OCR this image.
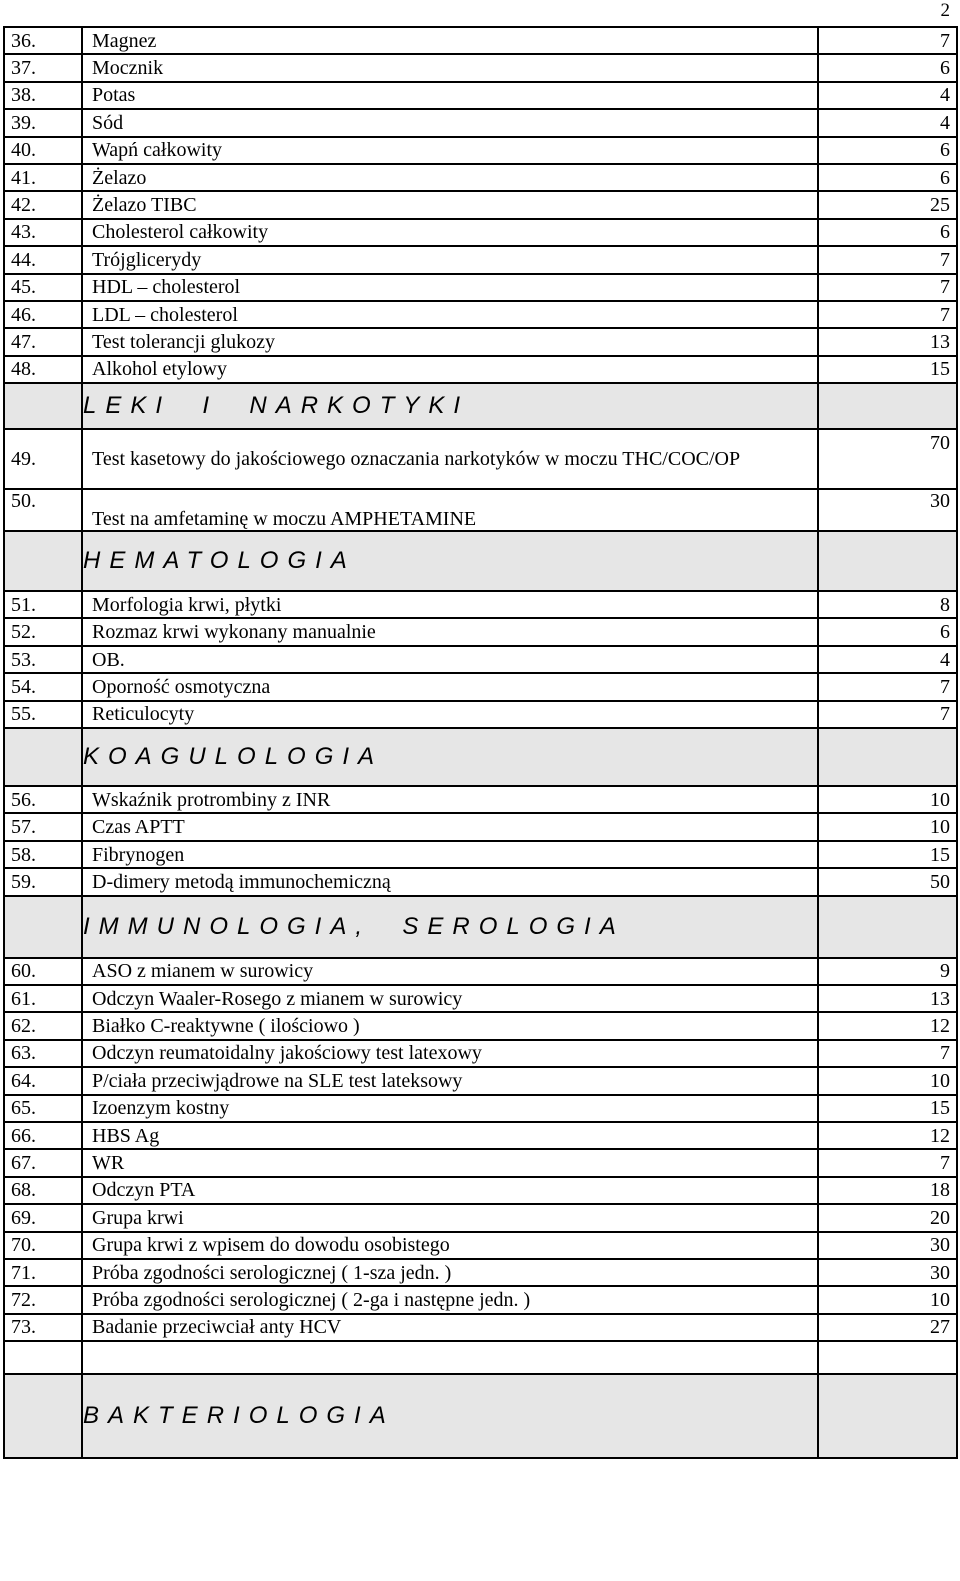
2
36.	Magnez	7
37.	Mocznik	6
38.	Potas	4
39.	Sód	4
40.	Wapń całkowity	6
41.	Żelazo	6
42.	Żelazo TIBC	25
43.	Cholesterol całkowity	6
44.	Trójglicerydy	7
45.	HDL – cholesterol	7
46.	LDL – cholesterol	7
47.	Test tolerancji glukozy	13
48.	Alkohol etylowy	15
	LEKI  I  NARKOTYKI	
49.	Test kasetowy do jakościowego oznaczania narkotyków w moczu THC/COC/OP	70
50.	Test na amfetaminę w moczu AMPHETAMINE	30
	HEMATOLOGIA	
51.	Morfologia krwi, płytki	8
52.	Rozmaz krwi wykonany manualnie	6
53.	OB.	4
54.	Oporność osmotyczna	7
55.	Reticulocyty	7
	KOAGULOLOGIA	
56.	Wskaźnik protrombiny z INR	10
57.	Czas APTT	10
58.	Fibrynogen	15
59.	D-dimery metodą immunochemiczną	50
	IMMUNOLOGIA,  SEROLOGIA	
60.	ASO z mianem w surowicy	9
61.	Odczyn Waaler-Rosego z mianem w surowicy	13
62.	Białko C-reaktywne ( ilościowo )	12
63.	Odczyn reumatoidalny jakościowy test latexowy	7
64.	P/ciała przeciwjądrowe na SLE test lateksowy	10
65.	Izoenzym kostny	15
66.	HBS Ag	12
67.	WR	7
68.	Odczyn PTA	18
69.	Grupa krwi	20
70.	Grupa krwi z wpisem do dowodu osobistego	30
71.	Próba zgodności serologicznej ( 1-sza jedn. )	30
72.	Próba zgodności serologicznej ( 2-ga i następne jedn. )	10
73.	Badanie przeciwciał anty HCV	27

	BAKTERIOLOGIA	
